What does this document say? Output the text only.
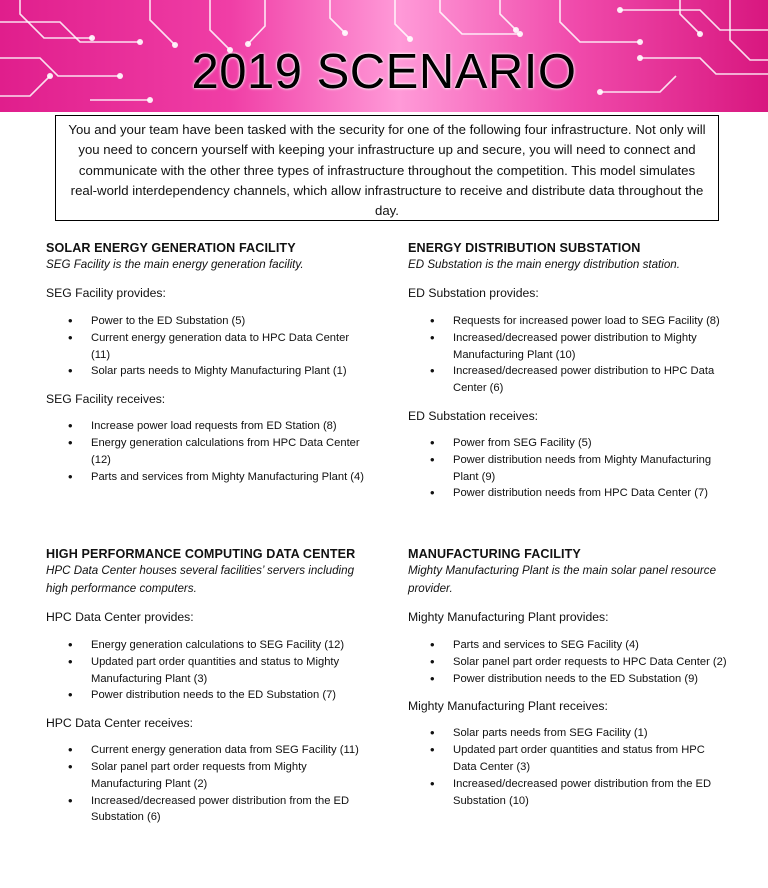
2019 SCENARIO
You and your team have been tasked with the security for one of the following four infrastructure. Not only will you need to concern yourself with keeping your infrastructure up and secure, you will need to connect and communicate with the other three types of infrastructure throughout the competition. This model simulates real-world interdependency channels, which allow infrastructure to receive and distribute data throughout the day.
SOLAR ENERGY GENERATION FACILITY
SEG Facility is the main energy generation facility.
SEG Facility provides:
• Power to the ED Substation (5)
• Current energy generation data to HPC Data Center (11)
• Solar parts needs to Mighty Manufacturing Plant (1)
SEG Facility receives:
• Increase power load requests from ED Station (8)
• Energy generation calculations from HPC Data Center (12)
• Parts and services from Mighty Manufacturing Plant (4)
ENERGY DISTRIBUTION SUBSTATION
ED Substation is the main energy distribution station.
ED Substation provides:
• Requests for increased power load to SEG Facility (8)
• Increased/decreased power distribution to Mighty Manufacturing Plant (10)
• Increased/decreased power distribution to HPC Data Center (6)
ED Substation receives:
• Power from SEG Facility (5)
• Power distribution needs from Mighty Manufacturing Plant (9)
• Power distribution needs from HPC Data Center (7)
HIGH PERFORMANCE COMPUTING DATA CENTER
HPC Data Center houses several facilities’ servers including high performance computers.
HPC Data Center provides:
• Energy generation calculations to SEG Facility (12)
• Updated part order quantities and status to Mighty Manufacturing Plant (3)
• Power distribution needs to the ED Substation (7)
HPC Data Center receives:
• Current energy generation data from SEG Facility (11)
• Solar panel part order requests from Mighty Manufacturing Plant (2)
• Increased/decreased power distribution from the ED Substation (6)
MANUFACTURING FACILITY
Mighty Manufacturing Plant is the main solar panel resource provider.
Mighty Manufacturing Plant provides:
• Parts and services to SEG Facility (4)
• Solar panel part order requests to HPC Data Center (2)
• Power distribution needs to the ED Substation (9)
Mighty Manufacturing Plant receives:
• Solar parts needs from SEG Facility (1)
• Updated part order quantities and status from HPC Data Center (3)
• Increased/decreased power distribution from the ED Substation (10)
